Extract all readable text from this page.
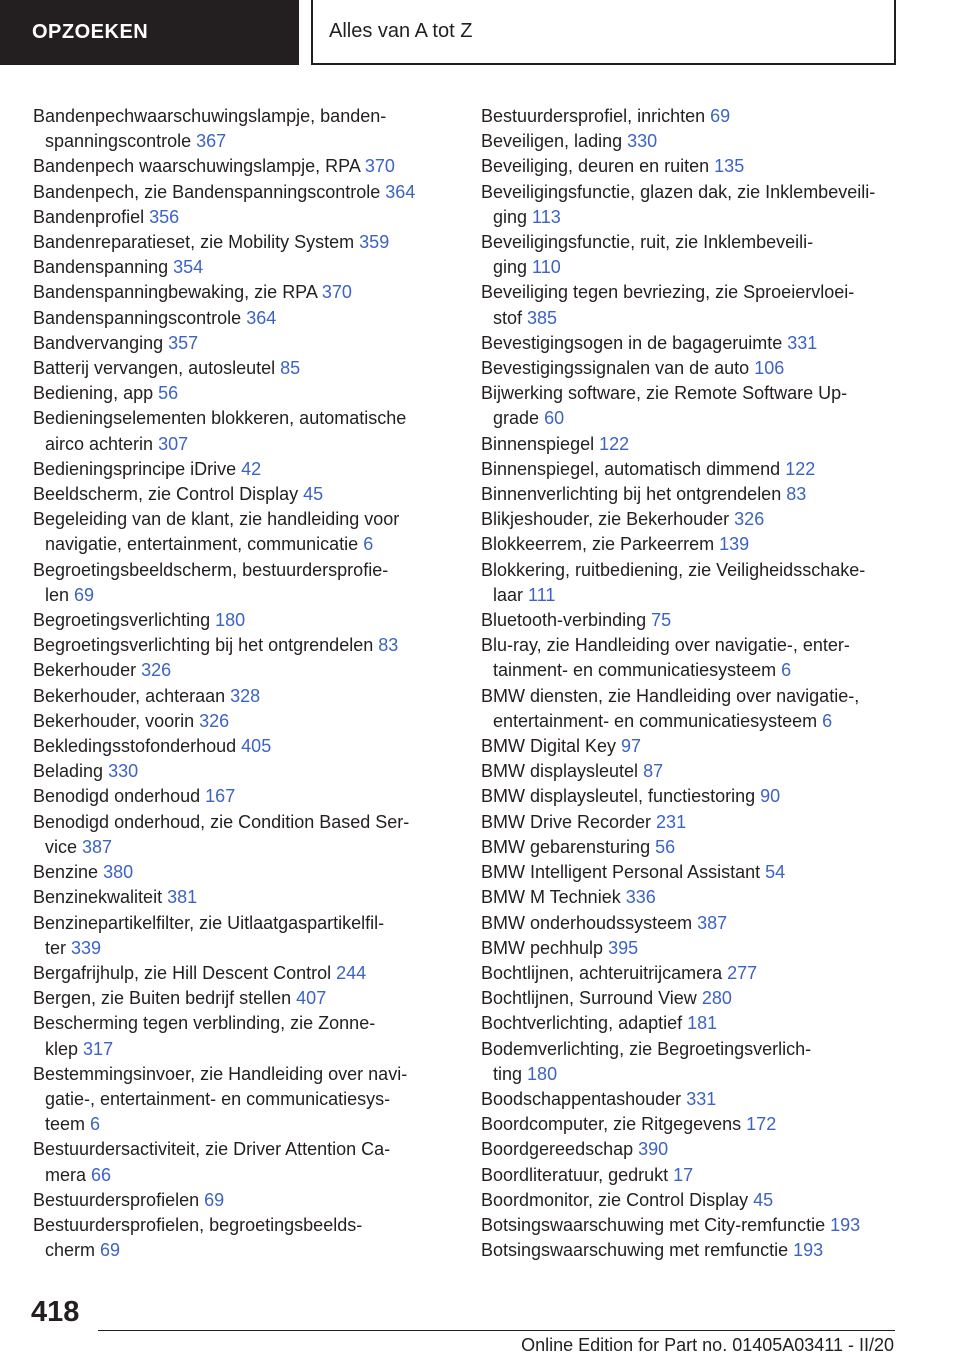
OPZOEKEN	Alles van A tot Z
Bandenpechwaarschuwingslampje, banden-
spanningscontrole 367
Bandenpech waarschuwingslampje, RPA 370
Bandenpech, zie Bandenspanningscontrole 364
Bandenprofiel 356
Bandenreparatieset, zie Mobility System 359
Bandenspanning 354
Bandenspanningbewaking, zie RPA 370
Bandenspanningscontrole 364
Bandvervanging 357
Batterij vervangen, autosleutel 85
Bediening, app 56
Bedieningselementen blokkeren, automatische
airco achterin 307
Bedieningsprincipe iDrive 42
Beeldscherm, zie Control Display 45
Begeleiding van de klant, zie handleiding voor
navigatie, entertainment, communicatie 6
Begroetingsbeeldscherm, bestuurdersprofie-
len 69
Begroetingsverlichting 180
Begroetingsverlichting bij het ontgrendelen 83
Bekerhouder 326
Bekerhouder, achteraan 328
Bekerhouder, voorin 326
Bekledingsstofonderhoud 405
Belading 330
Benodigd onderhoud 167
Benodigd onderhoud, zie Condition Based Ser-
vice 387
Benzine 380
Benzinekwaliteit 381
Benzinepartikelfilter, zie Uitlaatgaspartikelfil-
ter 339
Bergafrijhulp, zie Hill Descent Control 244
Bergen, zie Buiten bedrijf stellen 407
Bescherming tegen verblinding, zie Zonne-
klep 317
Bestemmingsinvoer, zie Handleiding over navi-
gatie-, entertainment- en communicatiesys-
teem 6
Bestuurdersactiviteit, zie Driver Attention Ca-
mera 66
Bestuurdersprofielen 69
Bestuurdersprofielen, begroetingsbeelds-
cherm 69
Bestuurdersprofiel, inrichten 69
Beveiligen, lading 330
Beveiliging, deuren en ruiten 135
Beveiligingsfunctie, glazen dak, zie Inklembeveili-
ging 113
Beveiligingsfunctie, ruit, zie Inklembeveili-
ging 110
Beveiliging tegen bevriezing, zie Sproeiervloei-
stof 385
Bevestigingsogen in de bagageruimte 331
Bevestigingssignalen van de auto 106
Bijwerking software, zie Remote Software Up-
grade 60
Binnenspiegel 122
Binnenspiegel, automatisch dimmend 122
Binnenverlichting bij het ontgrendelen 83
Blikjeshouder, zie Bekerhouder 326
Blokkeerrem, zie Parkeerrem 139
Blokkering, ruitbediening, zie Veiligheidsschake-
laar 111
Bluetooth-verbinding 75
Blu-ray, zie Handleiding over navigatie-, enter-
tainment- en communicatiesysteem 6
BMW diensten, zie Handleiding over navigatie-,
entertainment- en communicatiesysteem 6
BMW Digital Key 97
BMW displaysleutel 87
BMW displaysleutel, functiestoring 90
BMW Drive Recorder 231
BMW gebarensturing 56
BMW Intelligent Personal Assistant 54
BMW M Techniek 336
BMW onderhoudssysteem 387
BMW pechhulp 395
Bochtlijnen, achteruitrijcamera 277
Bochtlijnen, Surround View 280
Bochtverlichting, adaptief 181
Bodemverlichting, zie Begroetingsverlich-
ting 180
Boodschappentashouder 331
Boordcomputer, zie Ritgegevens 172
Boordgereedschap 390
Boordliteratuur, gedrukt 17
Boordmonitor, zie Control Display 45
Botsingswaarschuwing met City-remfunctie 193
Botsingswaarschuwing met remfunctie 193
418
Online Edition for Part no. 01405A03411 - II/20
